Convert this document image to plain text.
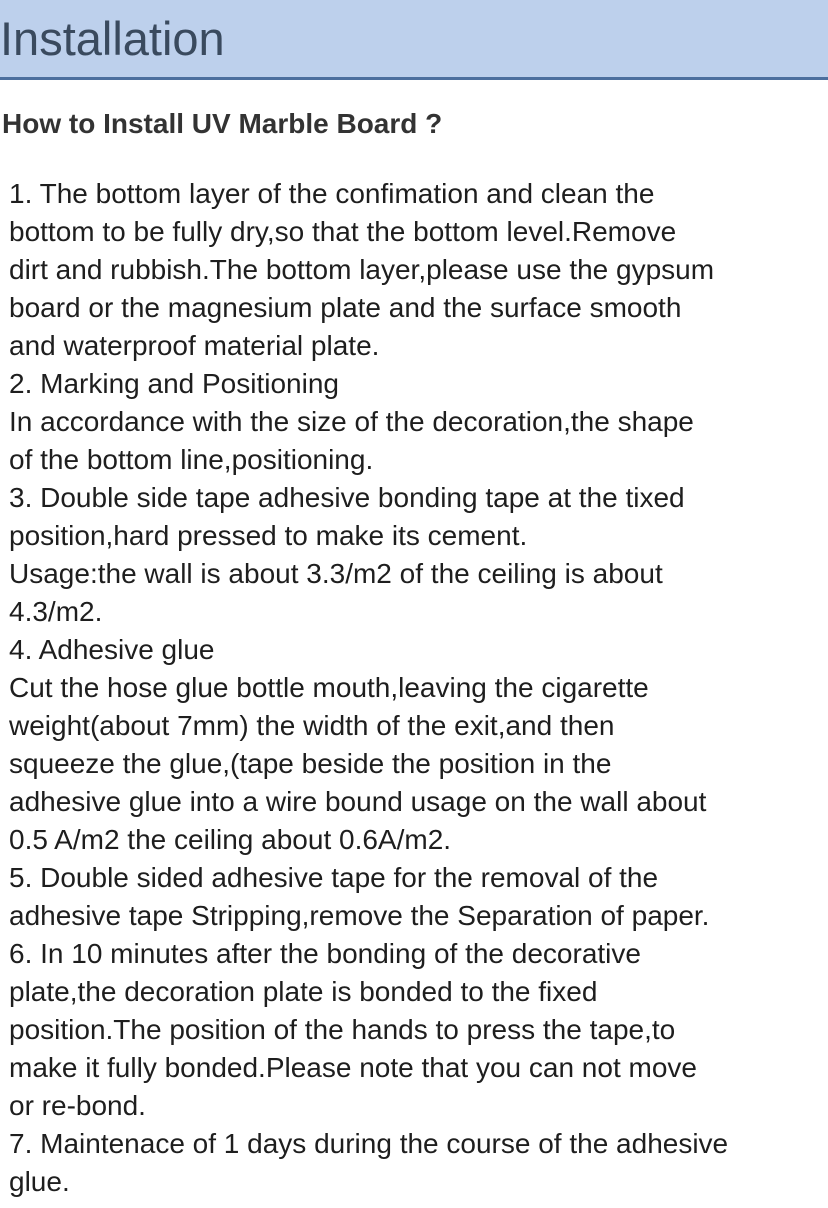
Installation
How to Install UV Marble Board ?
1. The bottom layer of the confimation and clean the
bottom to be fully dry,so that the bottom level.Remove
dirt and rubbish.The bottom layer,please use the gypsum
board or the magnesium plate and the surface smooth
and waterproof material plate.
2. Marking and Positioning
In accordance with the size of the decoration,the shape
of the bottom line,positioning.
3. Double side tape adhesive bonding tape at the tixed
position,hard pressed to make its cement.
Usage:the wall is about 3.3/m2 of the ceiling is about
4.3/m2.
4. Adhesive glue
Cut the hose glue bottle mouth,leaving the cigarette
weight(about 7mm) the width of the exit,and then
squeeze the glue,(tape beside the position in the
adhesive glue into a wire bound usage on the wall about
0.5 A/m2 the ceiling about 0.6A/m2.
5. Double sided adhesive tape for the removal of the
adhesive tape Stripping,remove the Separation of paper.
6. In 10 minutes after the bonding of the decorative
plate,the decoration plate is bonded to the fixed
position.The position of the hands to press the tape,to
make it fully bonded.Please note that you can not move
or re-bond.
7. Maintenace of 1 days during the course of the adhesive
glue.
